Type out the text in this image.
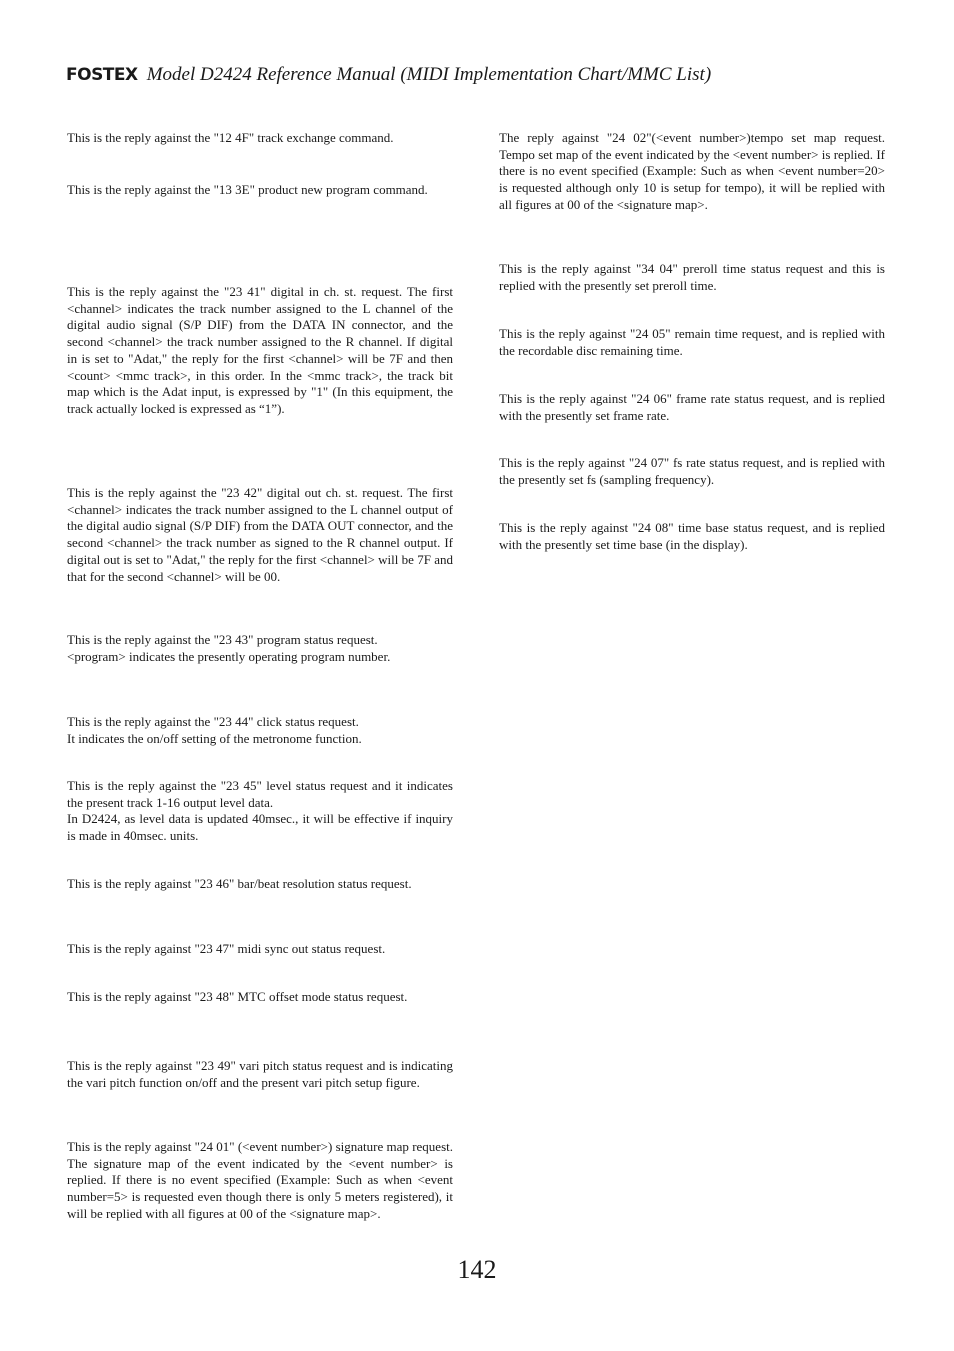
FOSTEX Model D2424 Reference Manual (MIDI Implementation Chart/MMC List)

This is the reply against the "12 4F" track exchange command.

This is the reply against the "13 3E" product new program command.

This is the reply against the "23 41" digital in ch. st. request. The first <channel> indicates the track number assigned to the L channel of the digital audio signal (S/P DIF) from the DATA IN connector, and the second <channel> the track number assigned to the R channel. If digital in is set to "Adat," the reply for the first <channel> will be 7F and then <count> <mmc track>, in this order. In the <mmc track>, the track bit map which is the Adat input, is expressed by "1" (In this equipment, the track actually locked is expressed as “1”).

This is the reply against the "23 42" digital out ch. st. request. The first <channel> indicates the track number assigned to the L channel output of the digital audio signal (S/P DIF) from the DATA OUT connector, and the second <channel> the track number as signed to the R channel output. If digital out is set to "Adat," the reply for the first <channel> will be 7F and that for the second <channel> will be 00.

This is the reply against the "23 43" program status request.
<program> indicates the presently operating program number.

This is the reply against the "23 44" click status request.
It indicates the on/off setting of the metronome function.

This is the reply against the "23 45" level status request and it indicates the present track 1-16 output level data.
In D2424, as level data is updated 40msec., it will be effective if inquiry is made in 40msec. units.

This is the reply against "23 46" bar/beat resolution status request.

This is the reply against "23 47" midi sync out status request.

This is the reply against "23 48" MTC offset mode status request.

This is the reply against "23 49" vari pitch status request and is indicating the vari pitch function on/off and the present vari pitch setup figure.

This is the reply against "24 01" (<event number>) signature map request. The signature map of the event indicated by the <event number> is replied. If there is no event specified (Example: Such as when <event number=5> is requested even though there is only 5 meters registered), it will be replied with all figures at 00 of the <signature map>.

The reply against "24 02"(<event number>)tempo set map request. Tempo set map of the event indicated by the <event number> is replied. If there is no event specified (Example: Such as when <event number=20> is requested although only 10 is setup for tempo), it will be replied with all figures at 00 of the <signature map>.

This is the reply against "34 04" preroll time status request and this is replied with the presently set preroll time.

This is the reply against "24 05" remain time request, and is replied with the recordable disc remaining time.

This is the reply against "24 06" frame rate status request, and is replied with the presently set frame rate.

This is the reply against "24 07" fs rate status request, and is replied with the presently set fs (sampling frequency).

This is the reply against "24 08" time base status request, and is replied with the presently set time base (in the display).

142
